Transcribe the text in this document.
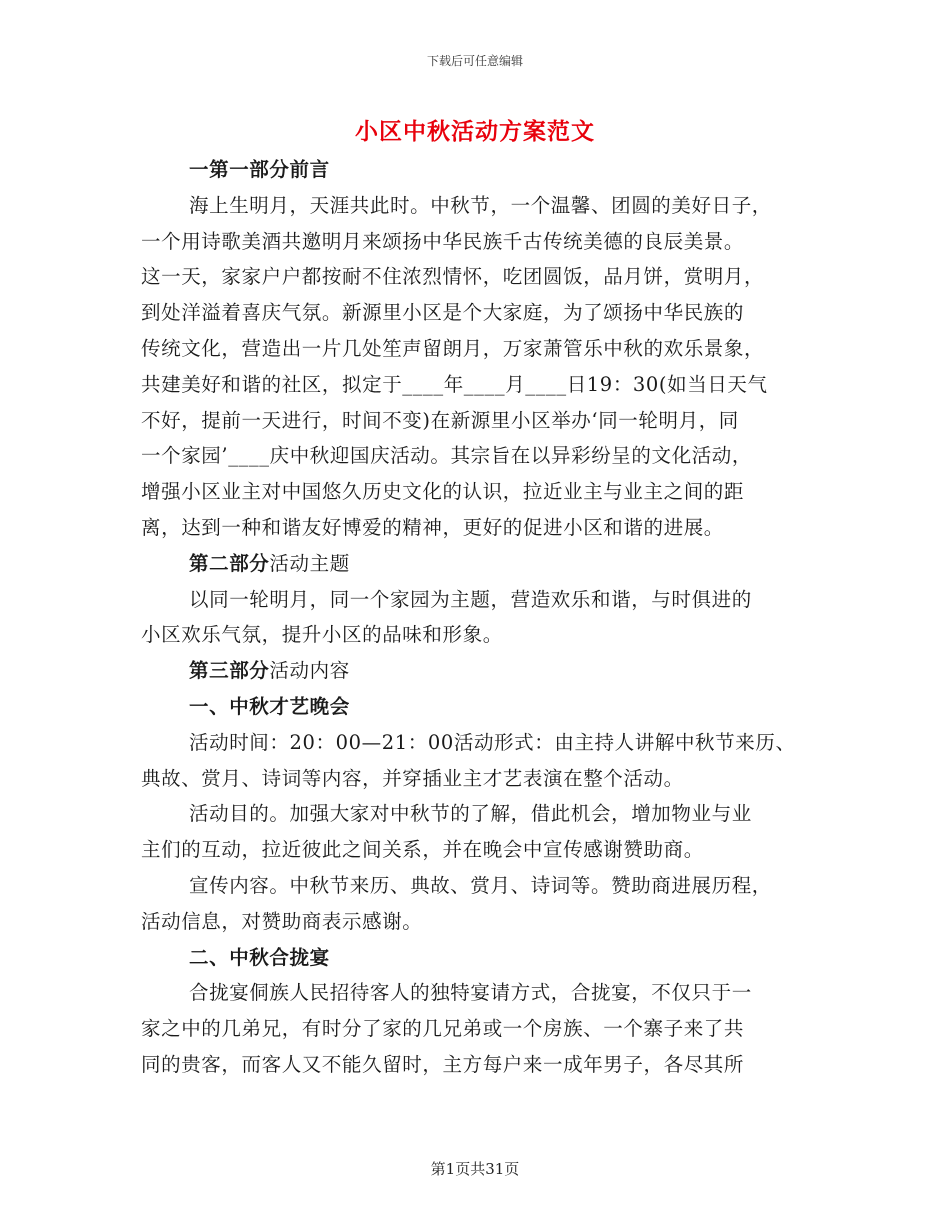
下载后可任意编辑
小区中秋活动方案范文
一第一部分前言
海上生明月，天涯共此时。中秋节，一个温馨、团圆的美好日子，
一个用诗歌美酒共邀明月来颂扬中华民族千古传统美德的良辰美景。
这一天，家家户户都按耐不住浓烈情怀，吃团圆饭，品月饼，赏明月，
到处洋溢着喜庆气氛。新源里小区是个大家庭，为了颂扬中华民族的
传统文化，营造出一片几处笙声留朗月，万家萧管乐中秋的欢乐景象，
共建美好和谐的社区，拟定于____年____月____日19：30(如当日天气
不好，提前一天进行，时间不变)在新源里小区举办‘同一轮明月，同
一个家园’____庆中秋迎国庆活动。其宗旨在以异彩纷呈的文化活动，
增强小区业主对中国悠久历史文化的认识，拉近业主与业主之间的距
离，达到一种和谐友好博爱的精神，更好的促进小区和谐的进展。
第二部分活动主题
以同一轮明月，同一个家园为主题，营造欢乐和谐，与时俱进的
小区欢乐气氛，提升小区的品味和形象。
第三部分活动内容
一、中秋才艺晚会
活动时间：20：00—21：00活动形式：由主持人讲解中秋节来历、
典故、赏月、诗词等内容，并穿插业主才艺表演在整个活动。
活动目的。加强大家对中秋节的了解，借此机会，增加物业与业
主们的互动，拉近彼此之间关系，并在晚会中宣传感谢赞助商。
宣传内容。中秋节来历、典故、赏月、诗词等。赞助商进展历程，
活动信息，对赞助商表示感谢。
二、中秋合拢宴
合拢宴侗族人民招待客人的独特宴请方式，合拢宴，不仅只于一
家之中的几弟兄，有时分了家的几兄弟或一个房族、一个寨子来了共
同的贵客，而客人又不能久留时，主方每户来一成年男子，各尽其所
第1页共31页
